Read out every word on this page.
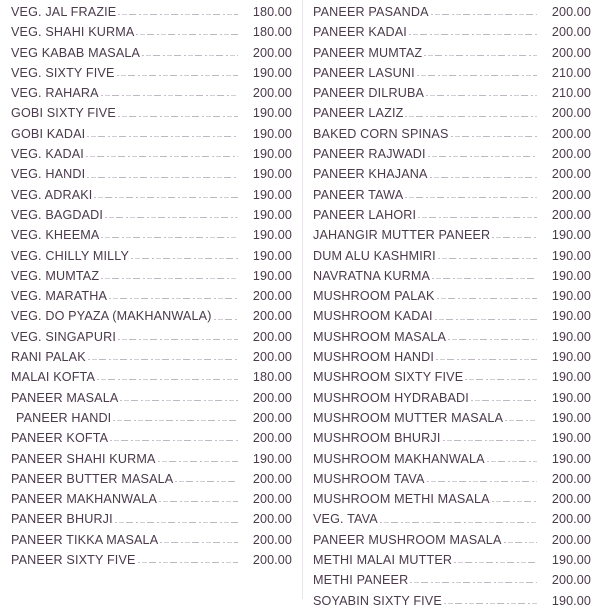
VEG. JAL FRAZIE	180.00
VEG. SHAHI KURMA	180.00
VEG KABAB MASALA	200.00
VEG. SIXTY FIVE	190.00
VEG. RAHARA	200.00
GOBI SIXTY FIVE	190.00
GOBI KADAI	190.00
VEG. KADAI	190.00
VEG. HANDI	190.00
VEG. ADRAKI	190.00
VEG. BAGDADI	190.00
VEG. KHEEMA	190.00
VEG. CHILLY MILLY	190.00
VEG. MUMTAZ	190.00
VEG. MARATHA	200.00
VEG. DO PYAZA (MAKHANWALA)	200.00
VEG. SINGAPURI	200.00
RANI PALAK	200.00
MALAI KOFTA	180.00
PANEER MASALA	200.00
PANEER HANDI	200.00
PANEER KOFTA	200.00
PANEER SHAHI KURMA	190.00
PANEER BUTTER MASALA	200.00
PANEER MAKHANWALA	200.00
PANEER BHURJI	200.00
PANEER TIKKA MASALA	200.00
PANEER SIXTY FIVE	200.00
PANEER PASANDA	200.00
PANEER KADAI	200.00
PANEER MUMTAZ	200.00
PANEER LASUNI	210.00
PANEER DILRUBA	210.00
PANEER LAZIZ	200.00
BAKED CORN SPINAS	200.00
PANEER RAJWADI	200.00
PANEER KHAJANA	200.00
PANEER TAWA	200.00
PANEER LAHORI	200.00
JAHANGIR MUTTER PANEER	190.00
DUM ALU KASHMIRI	190.00
NAVRATNA KURMA	190.00
MUSHROOM PALAK	190.00
MUSHROOM KADAI	190.00
MUSHROOM MASALA	190.00
MUSHROOM HANDI	190.00
MUSHROOM SIXTY FIVE	190.00
MUSHROOM HYDRABADI	190.00
MUSHROOM MUTTER MASALA	190.00
MUSHROOM BHURJI	190.00
MUSHROOM MAKHANWALA	190.00
MUSHROOM TAVA	200.00
MUSHROOM METHI MASALA	200.00
VEG. TAVA	200.00
PANEER MUSHROOM MASALA	200.00
METHI MALAI MUTTER	190.00
METHI PANEER	200.00
SOYABIN SIXTY FIVE	190.00
